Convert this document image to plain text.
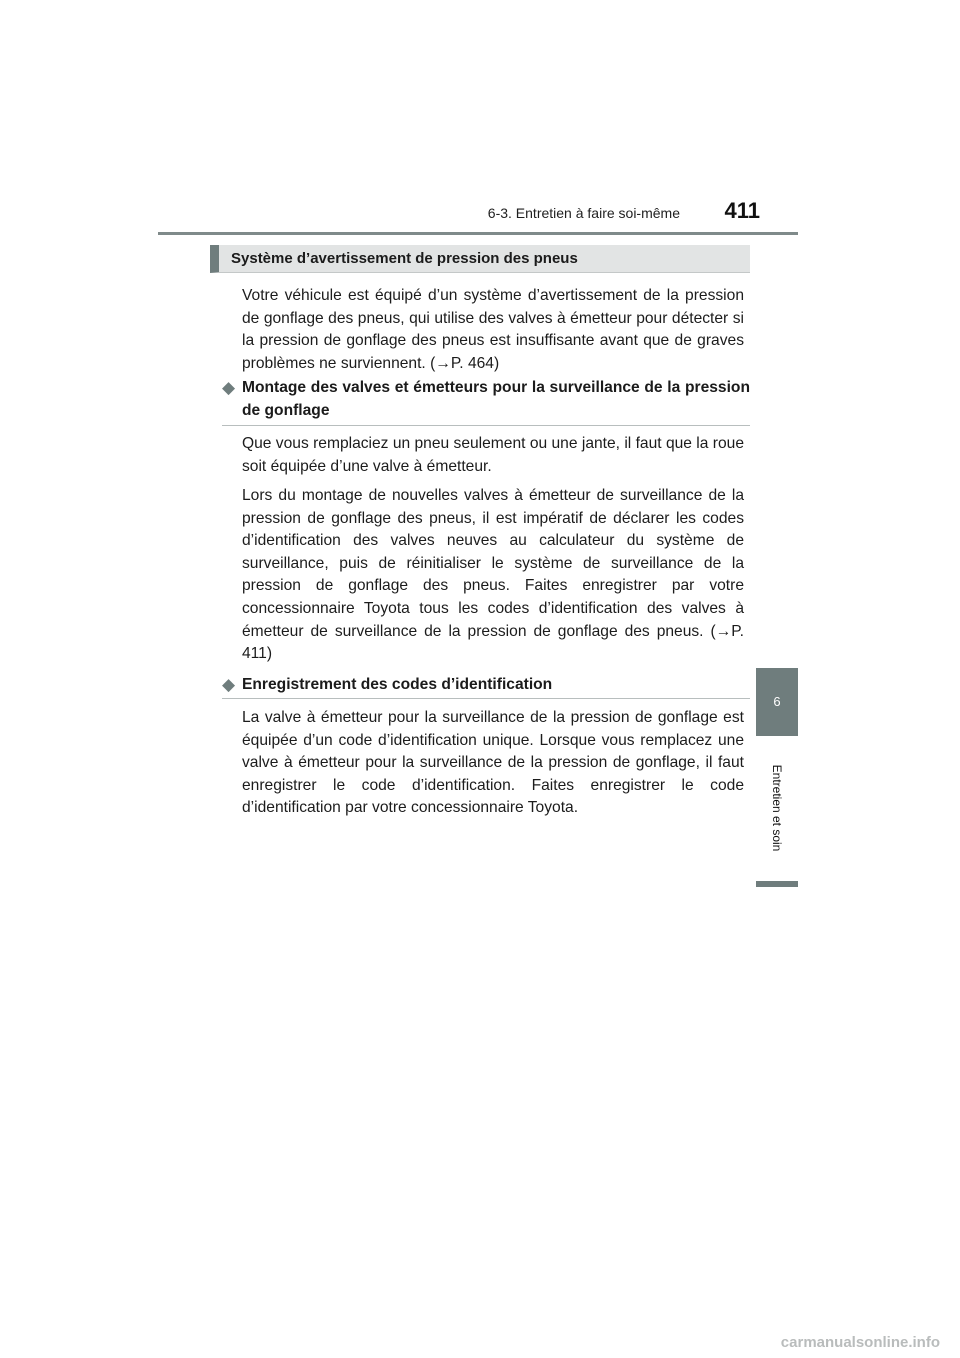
6-3. Entretien à faire soi-même	411
6
Entretien et soin
Système d’avertissement de pression des pneus

Votre véhicule est équipé d’un système d’avertissement de la pression de gonflage des pneus, qui utilise des valves à émetteur pour détecter si la pression de gonflage des pneus est insuffisante avant que de graves problèmes ne surviennent. (→P. 464)

◆ Montage des valves et émetteurs pour la surveillance de la pression de gonflage

Que vous remplaciez un pneu seulement ou une jante, il faut que la roue soit équipée d’une valve à émetteur.

Lors du montage de nouvelles valves à émetteur de surveillance de la pression de gonflage des pneus, il est impératif de déclarer les codes d’identification des valves neuves au calculateur du système de surveillance, puis de réinitialiser le système de surveillance de la pression de gonflage des pneus. Faites enregistrer par votre concessionnaire Toyota tous les codes d’identification des valves à émetteur de surveillance de la pression de gonflage des pneus. (→P. 411)

◆ Enregistrement des codes d’identification

La valve à émetteur pour la surveillance de la pression de gonflage est équipée d’un code d’identification unique. Lorsque vous remplacez une valve à émetteur pour la surveillance de la pression de gonflage, il faut enregistrer le code d’identification. Faites enregistrer le code d’identification par votre concessionnaire Toyota.

carmanualsonline.info
